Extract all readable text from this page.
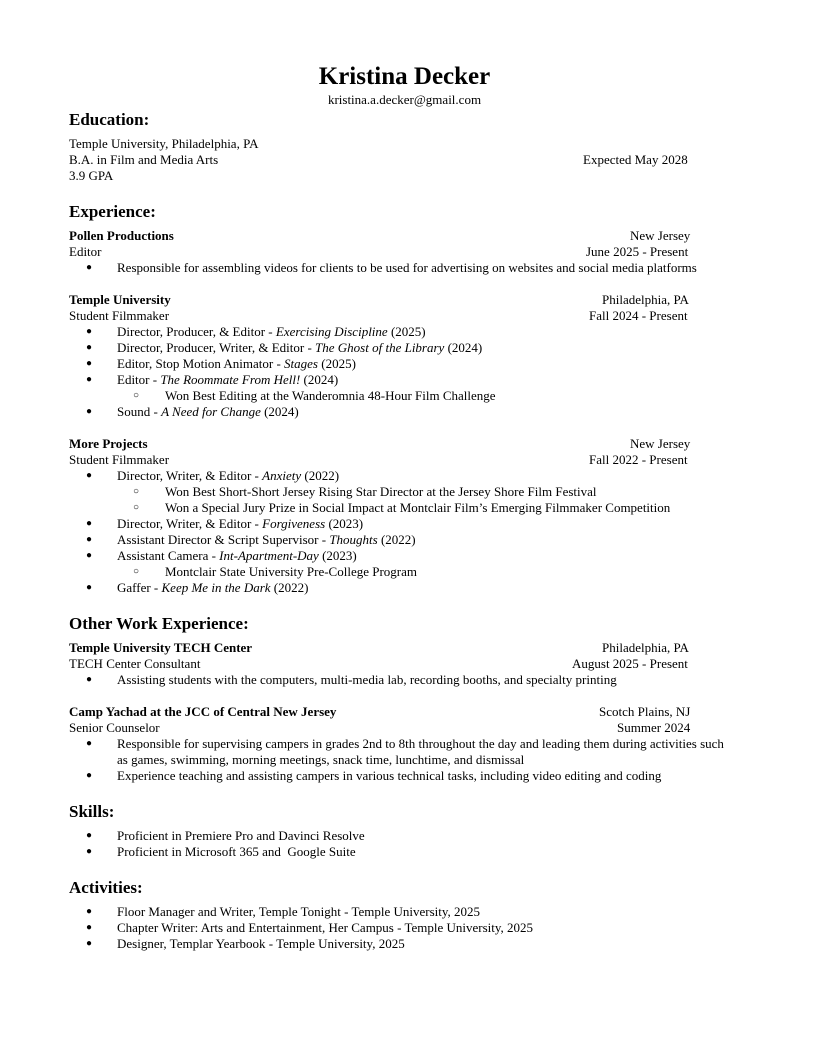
Kristina Decker
kristina.a.decker@gmail.com
Education:
Temple University, Philadelphia, PA
B.A. in Film and Media Arts	Expected May 2028
3.9 GPA
Experience:
Pollen Productions	New Jersey
Editor	June 2025 - Present
● Responsible for assembling videos for clients to be used for advertising on websites and social media platforms
Temple University	Philadelphia, PA
Student Filmmaker	Fall 2024 - Present
● Director, Producer, & Editor - Exercising Discipline (2025)
● Director, Producer, Writer, & Editor - The Ghost of the Library (2024)
● Editor, Stop Motion Animator - Stages (2025)
● Editor - The Roommate From Hell! (2024)
○ Won Best Editing at the Wanderomnia 48-Hour Film Challenge
● Sound - A Need for Change (2024)
More Projects	New Jersey
Student Filmmaker	Fall 2022 - Present
● Director, Writer, & Editor - Anxiety (2022)
○ Won Best Short-Short Jersey Rising Star Director at the Jersey Shore Film Festival
○ Won a Special Jury Prize in Social Impact at Montclair Film’s Emerging Filmmaker Competition
● Director, Writer, & Editor - Forgiveness (2023)
● Assistant Director & Script Supervisor - Thoughts (2022)
● Assistant Camera - Int-Apartment-Day (2023)
○ Montclair State University Pre-College Program
● Gaffer - Keep Me in the Dark (2022)
Other Work Experience:
Temple University TECH Center	Philadelphia, PA
TECH Center Consultant	August 2025 - Present
● Assisting students with the computers, multi-media lab, recording booths, and specialty printing
Camp Yachad at the JCC of Central New Jersey	Scotch Plains, NJ
Senior Counselor	Summer 2024
● Responsible for supervising campers in grades 2nd to 8th throughout the day and leading them during activities such
as games, swimming, morning meetings, snack time, lunchtime, and dismissal
● Experience teaching and assisting campers in various technical tasks, including video editing and coding
Skills:
● Proficient in Premiere Pro and Davinci Resolve
● Proficient in Microsoft 365 and  Google Suite
Activities:
● Floor Manager and Writer, Temple Tonight - Temple University, 2025
● Chapter Writer: Arts and Entertainment, Her Campus - Temple University, 2025
● Designer, Templar Yearbook - Temple University, 2025
